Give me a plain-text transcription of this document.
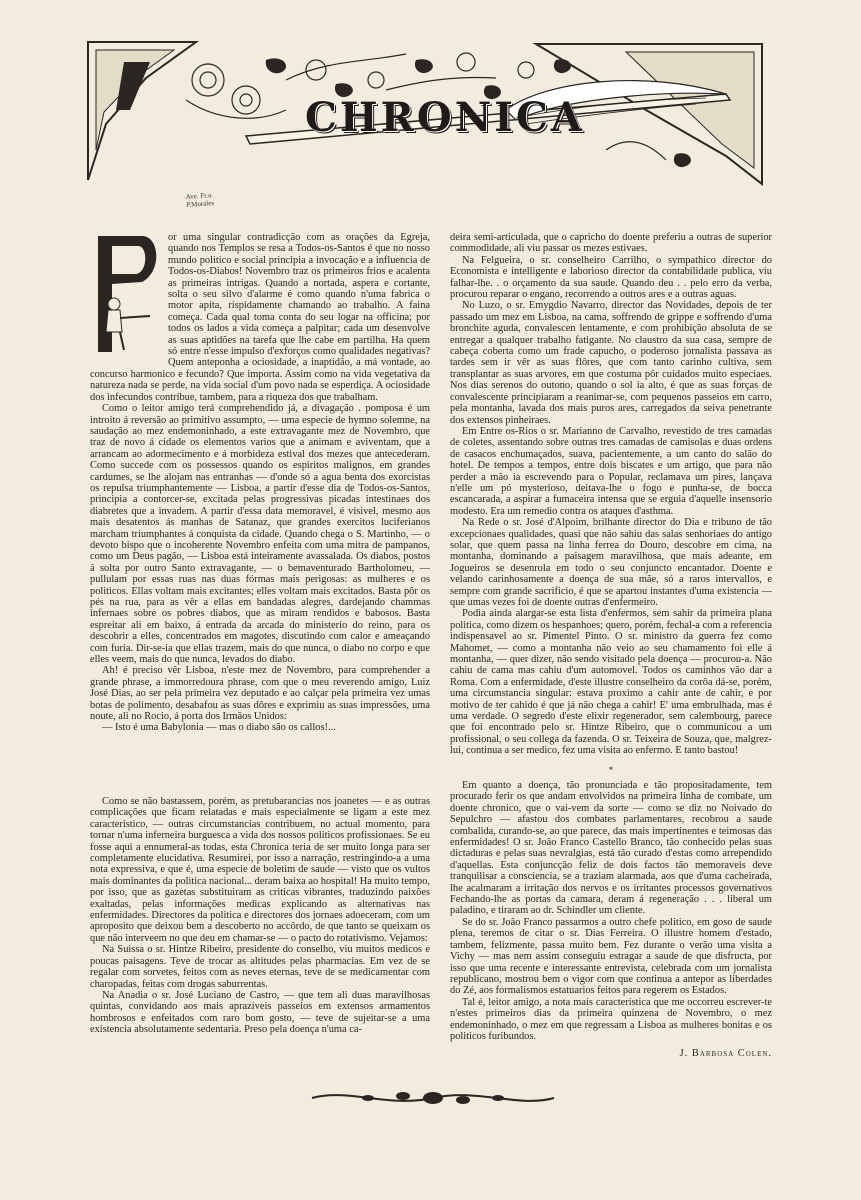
Ave. Fr.a.
P.Morales
CHRONICA

or uma singular contradicção com as orações da Egreja, quando nos Templos se resa a Todos-os-Santos é que no nosso mundo politico e social principia a invocação e a influencia de Todos-os-Diabos! Novembro traz os primeiros frios e acalenta as primeiras intrigas. Quando a nortada, aspera e cortante, solta o seu silvo d'alarme é como quando n'uma fabrica o motor apita, rispidamente chamando ao trabalho. A faina começa. Cada qual toma conta do seu logar na officina; por todos os lados a vida começa a palpitar; cada um desenvolve as suas aptidões na tarefa que lhe cabe em partilha. Ha quem só entre n'esse impulso d'exforços como qualidades negativas? Quem anteponha a ociosidade, a inaptidão, a má vontade, ao concurso harmonico e fecundo? Que importa. Assim como na vida vegetativa da natureza nada se perde, na vida social d'um povo nada se esperdiça. A ociosidade dos infecundos contribue, tambem, para a riqueza dos que trabalham.

Como o leitor amigo terá comprehendido já, a divagação . pomposa é um introito á reversão ao primitivo assumpto, — uma especie de hymno solemne, na saudação ao mez endemoninhado, a este extravagante mez de Novembro, que traz de novo á cidade os elementos varios que a animam e aviventam, que a arrancam ao adormecimento e á morbideza estival dos mezes que antecederam. Como succede com os possessos quando os espiritos malignos, em grandes cardumes, se lhe alojam nas entranhas — d'onde só a agua benta dos exorcistas os repulsa triumphantemente — Lisboa, a partir d'esse dia de Todos-os-Santos, principia a contorcer-se, excitada pelas progressivas picadas intestinaes dos diabretes que a invadem. A partir d'essa data memoravel, é visivel, mesmo aos mais desatentos ás manhas de Satanaz, que grandes exercitos luciferianos marcham triumphantes á conquista da cidade. Quando chega o S. Martinho, — o devoto bispo que o incoherente Novembro enfeita com uma mitra de pampanos, como um Deus pagão, — Lisboa está inteiramente avassalada. Os diabos, postos á solta por outro Santo extravagante, — o bemaventurado Bartholomeu, — pullulam por essas ruas nas duas fórmas mais perigosas: as mulheres e os politicos. Ellas voltam mais excitantes; elles voltam mais excitados. Basta pôr os pés na rua, para as vêr a ellas em bandadas alegres, dardejando chammas infernaes sobre os pobres diabos, que as miram rendidos e babosos. Basta espreitar ali em baixo, á entrada da arcada do ministerio do reino, para os descobrir a elles, concentrados em magotes, discutindo com calor e ameaçando com furia. Dir-se-ia que ellas trazem, mais do que nunca, o diabo no corpo e que elles veem, mais do que nunca, levados do diabo.

Ah! é preciso vêr Lisboa, n'este mez de Novembro, para comprehender a grande phrase, a immorredoura phrase, com que o meu reverendo amigo, Luiz José Dias, ao ser pela primeira vez deputado e ao calçar pela primeira vez umas botas de polimento, desabafou as suas dôres e exprimiu as suas impressões, uma noute, ali no Rocio, á porta dos Irmãos Unidos:

— Isto é uma Babylonia — mas o diabo são os callos!...

deira semi-articulada, que o capricho do doente preferiu a outras de superior commodidade, ali viu passar os mezes estivaes.

Na Felgueira, o sr. conselheiro Carrilho, o sympathico director do Economista e intelligente e laborioso director da contabilidade publica, viu falhar-lhe. . o orçamento da sua saude. Quando deu . . pelo erro da verba, procurou reparar o engano, recorrendo a outros ares e a outras aguas.

No Luzo, o sr. Emygdio Navarro, director das Novidades, depois de ter passado um mez em Lisboa, na cama, soffrendo de grippe e soffrendo d'uma bronchite aguda, convalescen lentamente, e com prohibição absoluta de se entregar a qualquer trabalho fatigante. No claustro da sua casa, sempre de cabeça coberta como um frade capucho, o poderoso jornalista passava as tardes sem ir vêr as suas flôres, que com tanto carinho cultiva, sem transplantar as suas arvores, em que costuma pôr cuidados muito especiaes. Nos dias serenos do outono, quando o sol ia alto, é que as suas forças de convalescente principiaram a reanimar-se, com pequenos passeios em carro, pela montanha, lavada dos mais puros ares, carregados da seiva penetrante dos extensos pinheiraes.

Em Entre os-Rios o sr. Marianno de Carvalho, revestido de tres camadas de coletes, assentando sobre outras tres camadas de camisolas e duas ordens de casacos enchumaçados, suava, pacientemente, a um canto do salão do hotel. De tempos a tempos, entre dois biscates e um artigo, que para não perder a mão ia escrevendo para o Popular, reclamava um pires, lançava n'elle um pó mysterioso, deitava-lhe o fogo e punha-se, de bocca escancarada, a aspirar a fumaceira intensa que se erguia d'aquelle insensorio modesto. Era um remedio contra os ataques d'asthma.

Na Rede o sr. José d'Alpoim, brilhante director do Dia e tribuno de tão excepcionaes qualidades, quasi que não sahiu das salas senhoriaes do antigo solar, que quem passa na linha ferrea do Douro, descobre em cima, na montanha, dominando a paisagem maravilhosa, que mais adeante, em Jogueiros se desenrola em todo o seu conjuncto encantador. Doente e velando carinhosamente a doença de sua mãe, só a raros intervallos, e sempre com grande sacrificio, é que se apartou instantes d'uma existencia — que umas vezes foi de doente outras d'enfermeiro.

Podia ainda alargar-se esta lista d'enfermos, sem sahir da primeira plana politica, como dizem os hespanhoes; quero, porém, fechal-a com a referencia indispensavel ao sr. Pimentel Pinto. O sr. ministro da guerra fez como Mahomet, — como a montanha não veio ao seu chamamento foi elle á montanha, — quer dizer, não sendo visitado pela doença — procurou-a. Não cahiu de cama mas cahiu d'um automovel. Todos os caminhos vão dar a Roma. Com a enfermidade, d'este illustre conselheiro da corôa dá-se, porém, uma circumstancia singular: estava proximo a cahir ante de cahir, e por motivo de ter cahido é que já não chega a cahir! E' uma embrulhada, mas é uma verdade. O segredo d'este elixir regenerador, sem calembourg, parece que foi encontrado pelo sr. Hintze Ribeiro, que o communicou a um profissional, o seu collega da fazenda. O sr. Teixeira de Souza, que, malgrez-lui, continua a ser medico, fez uma visita ao enfermo. E tanto bastou!

*

Como se não bastassem, porém, as pretubarancias nos joanetes — e as outras complicações que ficam relatadas e mais especialmente se ligam a este mez caracteristico, — outras circumstancias contribuem, no actual momento, para tornar n'uma inferneira burguesca a vida dos nossos politicos profissionaes. Se eu fosse aqui a ennumeral-as todas, esta Chronica teria de ser muito longa para ser completamente elucidativa. Resumirei, por isso a narração, restringindo-a a uma nota expressiva, e que é, uma especie de boletim de saude — visto que os vultos mais dominantes da politica nacional... deram baixa ao hospital! Ha muito tempo, por isso, que as gazetas substituiram as criticas vibrantes, traduzindo paixões exaltadas, pelas informações medicas explicando as alternativas nas enfermidades. Directores da politica e directores dos jornaes adoeceram, com um aproposito que deixou bem a descoberto no accôrdo, de que tanto se queixam os que não interveem no que deu em chamar-se — o pacto do rotativismo. Vejamos:

Na Suissa o sr. Hintze Ribeiro, presidente do conselho, viu muitos medicos e poucas paisagens. Teve de trocar as altitudes pelas pharmacias. Em vez de se regalar com sorvetes, feitos com as neves eternas, teve de se medicamentar com charopadas, feitas com drogas saburrentas.

Na Anadia o sr. José Luciano de Castro, — que tem ali duas maravilhosas quintas, convidando aos mais apraziveis passeios em extensos armamentos hombrosos e enfeitados com raro bom gosto, — teve de sujeitar-se a uma existencia absolutamente sedentaria. Preso pela doença n'uma ca-

Em quanto a doença, tão pronunciada e tão propositadamente, tem procurado ferir os que andam envolvidos na primeira linha de combate, um doente chronico, que o vai-vem da sorte — como se diz no Noivado do Sepulchro — afastou dos combates parlamentares, recobrou a saude combalida, curando-se, ao que parece, das mais impertinentes e teimosas das enfermidades! O sr. João Franco Castello Branco, tão conhecido pelas suas dictaduras e pelas suas nevralgias, está tão curado d'estas como arrependido d'aquellas. Esta conjuncção feliz de dois factos tão memoraveis deve tranquilisar a consciencia, se a traziam alarmada, aos que d'uma cacheirada, lhe acalmaram a irritação dos nervos e os irritantes processos governativos Fechando-lhe as portas da camara, deram á regeneração . . . liberal um paladino, e tiraram ao dr. Schindler um cliente.

Se do sr. João Franco passarmos a outro chefe politico, em goso de saude plena, teremos de citar o sr. Dias Ferreira. O illustre homem d'estado, tambem, felizmente, passa muito bem. Fez durante o verão uma visita a Vichy — mas nem assim conseguiu estragar a saude de que disfructa, por isso que uma recente e interessante entrevista, celebrada com um jornalista republicano, mostrou bem o vigor com que continua a antepor as liberdades do Zé, aos formalismos estatuarios feitos para regerem os Estados.

Tal é, leitor amigo, a nota mais caracteristica que me occorreu escrever-te n'estes primeiros dias da primeira quinzena de Novembro, o mez endemoninhado, o mez em que regressam a Lisboa as mulheres bonitas e os politicos furibundos.

J. Barbosa Colen.
